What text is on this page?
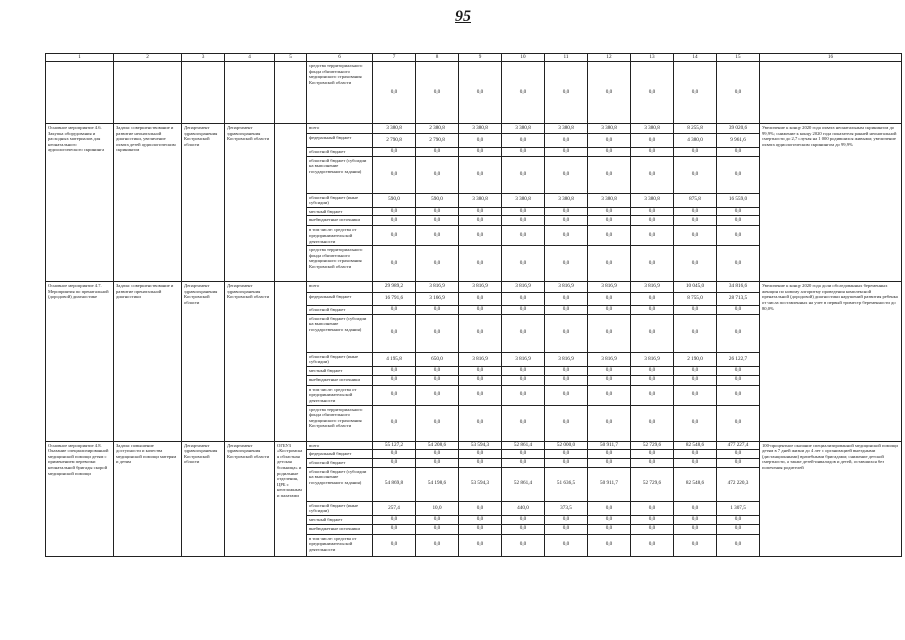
95
1	2	3	4	5	6	7	8	9	10	11	12	13	14	15	16
					средства территориального фонда обязательного медицинского страхования Костромской области	0,0	0,0	0,0	0,0	0,0	0,0	0,0	0,0	0,0	
Основное мероприятие 4.6. Закупка оборудования и расходных материалов для неонатального аудиологического скрининга	Задача: совершенствование и развитие неонатальной диагностики, увеличение охвата детей аудиологическим скринингом	Департамент здравоохранения Костромской области	Департамент здравоохранения Костромской области		всего	3 380,8	2 380,8	3 380,8	3 380,8	3 380,8	3 380,8	3 380,8	8 255,8	39 020,6	Увеличение к концу 2020 года охвата неонатальным скринингом до 99,9%; снижение к концу 2020 года показателя ранней неонатальной смертности до 2,7 случая на 1 000 родившихся живыми; увеличение охвата аудиологическим скринингом до 99,9%
					федеральный бюджет	2 790,8	2 790,8	0,0	0,0	0,0	0,0	0,0	4 380,0	9 961,6	
					областной бюджет	0,0	0,0	0,0	0,0	0,0	0,0	0,0	0,0	0,0	
					областной бюджет (субсидии на выполнение государственного задания)	0,0	0,0	0,0	0,0	0,0	0,0	0,0	0,0	0,0	
					областной бюджет (иные субсидии)	590,0	590,0	3 380,8	3 380,8	3 380,8	3 380,8	3 380,8	875,8	16 559,0	
					местный бюджет	0,0	0,0	0,0	0,0	0,0	0,0	0,0	0,0	0,0	
					внебюджетные источники	0,0	0,0	0,0	0,0	0,0	0,0	0,0	0,0	0,0	
					в том числе: средства от предпринимательской деятельности	0,0	0,0	0,0	0,0	0,0	0,0	0,0	0,0	0,0	
					средства территориального фонда обязательного медицинского страхования Костромской области	0,0	0,0	0,0	0,0	0,0	0,0	0,0	0,0	0,0	
Основное мероприятие 4.7. Мероприятия по пренатальной (дородовой) диагностике	Задача: совершенствование и развитие пренатальной диагностики	Департамент здравоохранения Костромской области	Департамент здравоохранения Костромской области		всего	29 989,2	3 816,9	3 816,9	3 816,9	3 816,9	3 816,9	3 816,9	10 045,0	34 816,6	Увеличение к концу 2020 года доли обследованных беременных женщин по новому алгоритму проведения комплексной пренатальной (дородовой) диагностики нарушений развития ребенка от числа поставленных на учет в первый триместр беременности до 80,0%
					федеральный бюджет	16 791,6	3 166,9	0,0	0,0	0,0	0,0	0,0	8 755,0	28 713,5	
					областной бюджет	0,0	0,0	0,0	0,0	0,0	0,0	0,0	0,0	0,0	
					областной бюджет (субсидии на выполнение государственного задания)	0,0	0,0	0,0	0,0	0,0	0,0	0,0	0,0	0,0	
					областной бюджет (иные субсидии)	4 195,8	650,0	3 816,9	3 816,9	3 816,9	3 816,9	3 816,9	2 190,0	26 122,7	
					местный бюджет	0,0	0,0	0,0	0,0	0,0	0,0	0,0	0,0	0,0	
					внебюджетные источники	0,0	0,0	0,0	0,0	0,0	0,0	0,0	0,0	0,0	
					в том числе: средства от предпринимательской деятельности	0,0	0,0	0,0	0,0	0,0	0,0	0,0	0,0	0,0	
					средства территориального фонда обязательного медицинского страхования Костромской области	0,0	0,0	0,0	0,0	0,0	0,0	0,0	0,0	0,0	
Основное мероприятие 4.8. Оказание специализированной медицинской помощи детям с применением перевозки неонатальной бригады скорой медицинской помощи	Задача: повышение доступности и качества медицинской помощи матерям и детям	Департамент здравоохранения Костромской области	Департамент здравоохранения Костромской области	ОГБУЗ «Костромская областная детская больница» и родильные отделения, ЦРБ с неотложными палатами	всего	55 127,2	54 208,6	53 594,3	52 861,4	52 000,0	50 911,7	52 729,6	82 548,6	477 227,4	100-процентное оказание специализированной медицинской помощи детям в 7 дней жизни до 4 лет с организацией выездными (дистанционными) врачебными бригадами; снижение детской смертности, а также детей-инвалидов и детей, оставшихся без попечения родителей
					федеральный бюджет	0,0	0,0	0,0	0,0	0,0	0,0	0,0	0,0	0,0	
					областной бюджет	0,0	0,0	0,0	0,0	0,0	0,0	0,0	0,0	0,0	
					областной бюджет (субсидии на выполнение государственного задания)	54 869,8	54 198,6	53 594,3	52 861,4	51 636,5	50 911,7	52 729,6	82 548,6	472 220,3	
					областной бюджет (иные субсидии)	257,4	10,0	0,0	440,0	373,5	0,0	0,0	0,0	1 307,5	
					местный бюджет	0,0	0,0	0,0	0,0	0,0	0,0	0,0	0,0	0,0	
					внебюджетные источники	0,0	0,0	0,0	0,0	0,0	0,0	0,0	0,0	0,0	
					в том числе: средства от предпринимательской деятельности	0,0	0,0	0,0	0,0	0,0	0,0	0,0	0,0	0,0	
